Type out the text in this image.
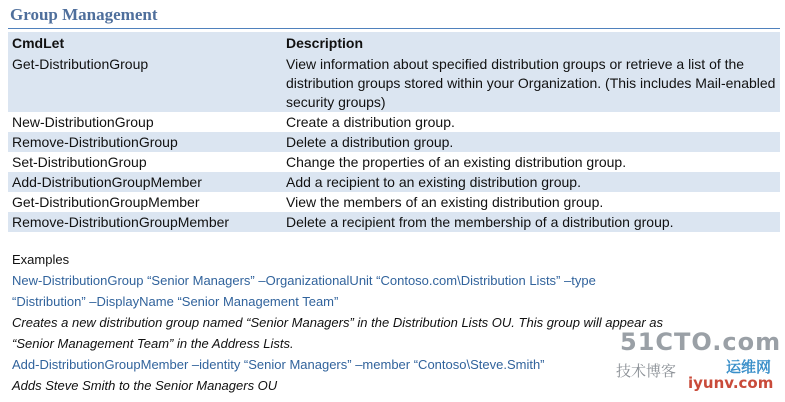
Group Management
CmdLet	Description
Get-DistributionGroup	View information about specified distribution groups or retrieve a list of the distribution groups stored within your Organization. (This includes Mail-enabled security groups)
New-DistributionGroup	Create a distribution group.
Remove-DistributionGroup	Delete a distribution group.
Set-DistributionGroup	Change the properties of an existing distribution group.
Add-DistributionGroupMember	Add a recipient to an existing distribution group.
Get-DistributionGroupMember	View the members of an existing distribution group.
Remove-DistributionGroupMember	Delete a recipient from the membership of a distribution group.
Examples
New-DistributionGroup “Senior Managers” –OrganizationalUnit “Contoso.com\Distribution Lists” –type
“Distribution” –DisplayName “Senior Management Team”
Creates a new distribution group named “Senior Managers” in the Distribution Lists OU. This group will appear as
“Senior Management Team” in the Address Lists.
Add-DistributionGroupMember –identity “Senior Managers” –member “Contoso\Steve.Smith”
Adds Steve Smith to the Senior Managers OU
51CTO.com
技术博客	运维网
iyunv.com
